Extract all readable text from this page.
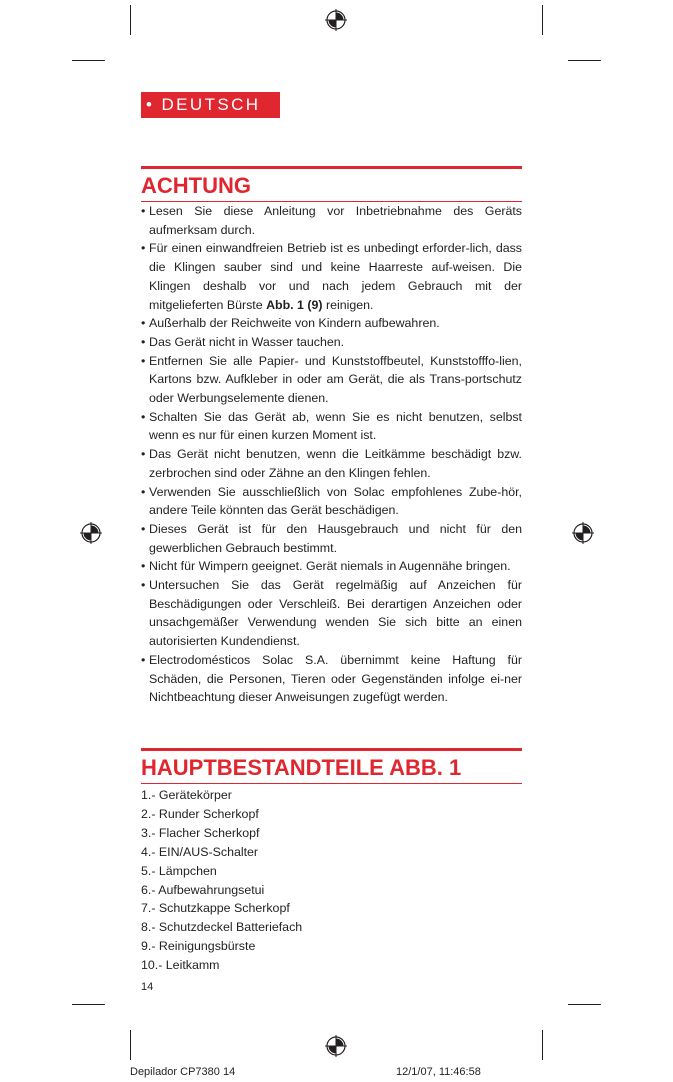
• DEUTSCH
ACHTUNG
• Lesen Sie diese Anleitung vor Inbetriebnahme des Geräts aufmerksam durch.
• Für einen einwandfreien Betrieb ist es unbedingt erforder-lich, dass die Klingen sauber sind und keine Haarreste auf-weisen. Die Klingen deshalb vor und nach jedem Gebrauch mit der mitgelieferten Bürste Abb. 1 (9) reinigen.
• Außerhalb der Reichweite von Kindern aufbewahren.
• Das Gerät nicht in Wasser tauchen.
• Entfernen Sie alle Papier- und Kunststoffbeutel, Kunststofffo-lien, Kartons bzw. Aufkleber in oder am Gerät, die als Trans-portschutz oder Werbungselemente dienen.
• Schalten Sie das Gerät ab, wenn Sie es nicht benutzen, selbst wenn es nur für einen kurzen Moment ist.
• Das Gerät nicht benutzen, wenn die Leitkämme beschädigt bzw. zerbrochen sind oder Zähne an den Klingen fehlen.
• Verwenden Sie ausschließlich von Solac empfohlenes Zube-hör, andere Teile könnten das Gerät beschädigen.
• Dieses Gerät ist für den Hausgebrauch und nicht für den gewerblichen Gebrauch bestimmt.
• Nicht für Wimpern geeignet. Gerät niemals in Augennähe bringen.
• Untersuchen Sie das Gerät regelmäßig auf Anzeichen für Beschädigungen oder Verschleiß. Bei derartigen Anzeichen oder unsachgemäßer Verwendung wenden Sie sich bitte an einen autorisierten Kundendienst.
• Electrodomésticos Solac S.A. übernimmt keine Haftung für Schäden, die Personen, Tieren oder Gegenständen infolge ei-ner Nichtbeachtung dieser Anweisungen zugefügt werden.
HAUPTBESTANDTEILE ABB. 1
1.- Gerätekörper
2.- Runder Scherkopf
3.- Flacher Scherkopf
4.- EIN/AUS-Schalter
5.- Lämpchen
6.- Aufbewahrungsetui
7.- Schutzkappe Scherkopf
8.- Schutzdeckel Batteriefach
9.- Reinigungsbürste
10.- Leitkamm
14
Depilador CP7380 14	12/1/07, 11:46:58
